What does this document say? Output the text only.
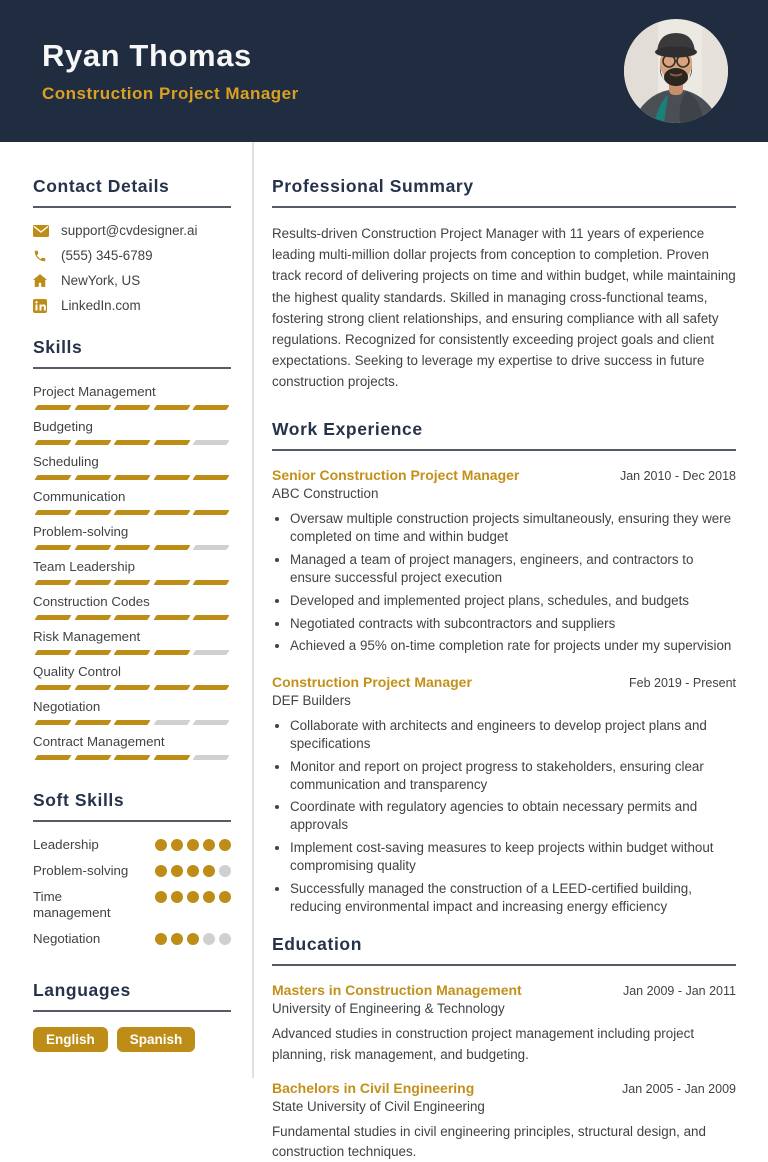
Ryan Thomas
Construction Project Manager
Contact Details
support@cvdesigner.ai
(555) 345-6789
NewYork, US
LinkedIn.com
Skills
Project Management
Budgeting
Scheduling
Communication
Problem-solving
Team Leadership
Construction Codes
Risk Management
Quality Control
Negotiation
Contract Management
Soft Skills
Leadership
Problem-solving
Time management
Negotiation
Languages
English	Spanish
Professional Summary
Results-driven Construction Project Manager with 11 years of experience leading multi-million dollar projects from conception to completion. Proven track record of delivering projects on time and within budget, while maintaining the highest quality standards. Skilled in managing cross-functional teams, fostering strong client relationships, and ensuring compliance with all safety regulations. Recognized for consistently exceeding project goals and client expectations. Seeking to leverage my expertise to drive success in future construction projects.
Work Experience
Senior Construction Project Manager	Jan 2010 - Dec 2018
ABC Construction
• Oversaw multiple construction projects simultaneously, ensuring they were completed on time and within budget
• Managed a team of project managers, engineers, and contractors to ensure successful project execution
• Developed and implemented project plans, schedules, and budgets
• Negotiated contracts with subcontractors and suppliers
• Achieved a 95% on-time completion rate for projects under my supervision
Construction Project Manager	Feb 2019 - Present
DEF Builders
• Collaborate with architects and engineers to develop project plans and specifications
• Monitor and report on project progress to stakeholders, ensuring clear communication and transparency
• Coordinate with regulatory agencies to obtain necessary permits and approvals
• Implement cost-saving measures to keep projects within budget without compromising quality
• Successfully managed the construction of a LEED-certified building, reducing environmental impact and increasing energy efficiency
Education
Masters in Construction Management	Jan 2009 - Jan 2011
University of Engineering & Technology
Advanced studies in construction project management including project planning, risk management, and budgeting.
Bachelors in Civil Engineering	Jan 2005 - Jan 2009
State University of Civil Engineering
Fundamental studies in civil engineering principles, structural design, and construction techniques.
